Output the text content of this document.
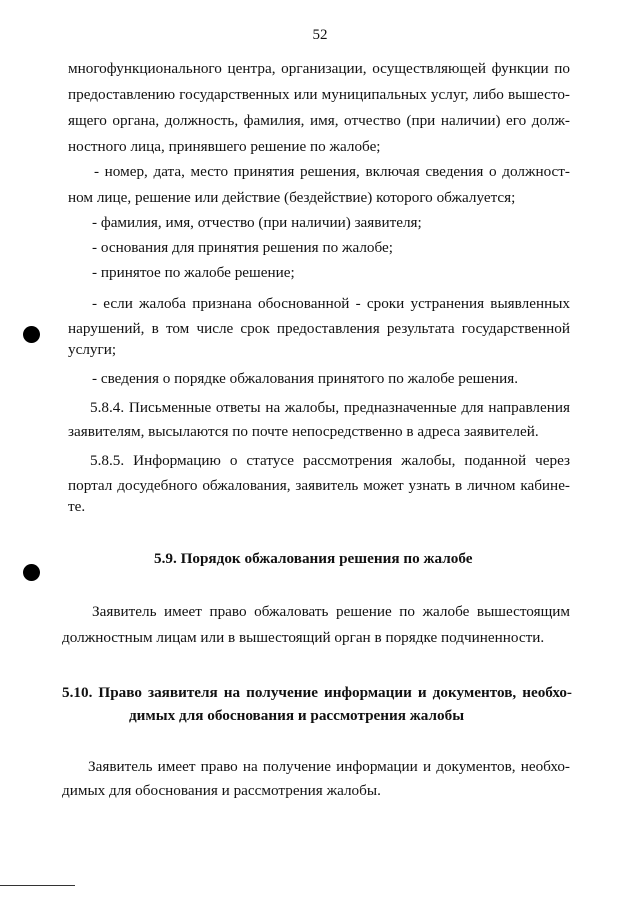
52
многофункционального центра, организации, осуществляющей функции по
предоставлению государственных или муниципальных услуг, либо вышесто-
ящего органа, должность, фамилия, имя, отчество (при наличии) его долж-
ностного лица, принявшего решение по жалобе;
- номер, дата, место принятия решения, включая сведения о должност-
ном лице, решение или действие (бездействие) которого обжалуется;
- фамилия, имя, отчество (при наличии) заявителя;
- основания для принятия решения по жалобе;
- принятое по жалобе решение;
- если жалоба признана обоснованной - сроки устранения выявленных
нарушений, в том числе срок предоставления результата государственной
услуги;
- сведения о порядке обжалования принятого по жалобе решения.
5.8.4. Письменные ответы на жалобы, предназначенные для направления
заявителям, высылаются по почте непосредственно в адреса заявителей.
5.8.5. Информацию о статусе рассмотрения жалобы, поданной через
портал досудебного обжалования, заявитель может узнать в личном кабине-
те.
5.9. Порядок обжалования решения по жалобе
Заявитель имеет право обжаловать решение по жалобе вышестоящим
должностным лицам или в вышестоящий орган в порядке подчиненности.
5.10. Право заявителя на получение информации и документов, необхо-
димых для обоснования и рассмотрения жалобы
Заявитель имеет право на получение информации и документов, необхо-
димых для обоснования и рассмотрения жалобы.
